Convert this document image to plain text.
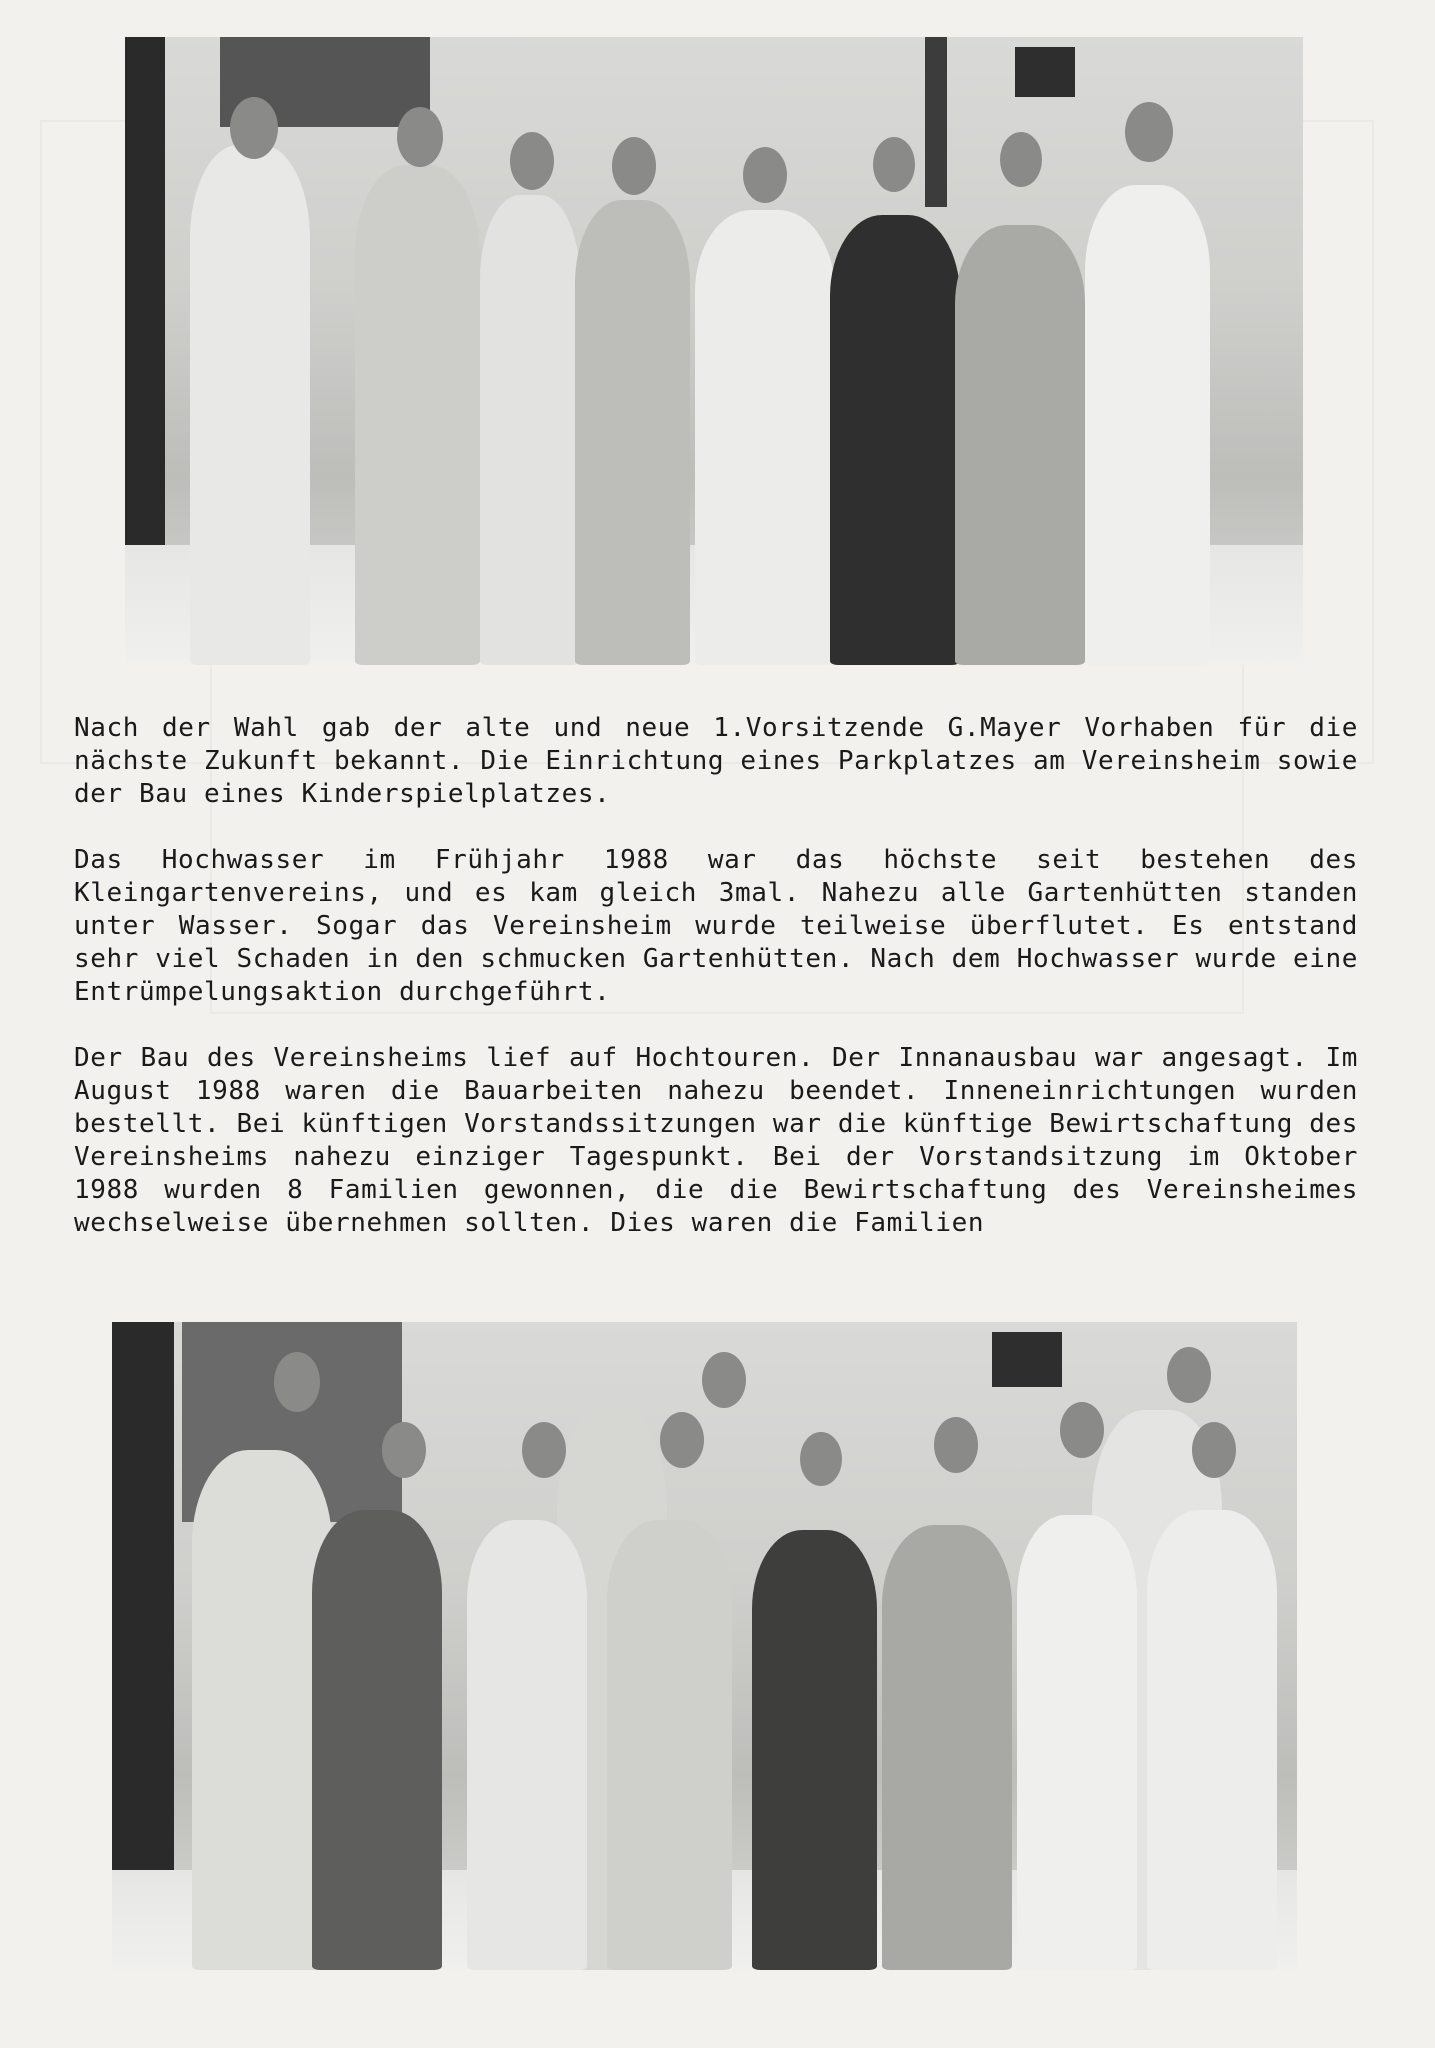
Nach der Wahl gab der alte und neue 1.Vorsitzende G.Mayer Vorhaben für die nächste Zukunft bekannt. Die Einrichtung eines Parkplatzes am Vereinsheim sowie der Bau eines Kinderspielplatzes.

Das Hochwasser im Frühjahr 1988 war das höchste seit bestehen des Kleingartenvereins, und es kam gleich 3mal. Nahezu alle Gartenhütten standen unter Wasser. Sogar das Vereinsheim wurde teilweise überflutet. Es entstand sehr viel Schaden in den schmucken Gartenhütten. Nach dem Hochwasser wurde eine Entrümpelungsaktion durchgeführt.

Der Bau des Vereinsheims lief auf Hochtouren. Der Innanausbau war angesagt. Im August 1988 waren die Bauarbeiten nahezu beendet. Inneneinrichtungen wurden bestellt. Bei künftigen Vorstandssitzungen war die künftige Bewirtschaftung des Vereinsheims nahezu einziger Tagespunkt. Bei der Vorstandsitzung im Oktober 1988 wurden 8 Familien gewonnen, die die Bewirtschaftung des Vereinsheimes wechselweise übernehmen sollten. Dies waren die Familien
